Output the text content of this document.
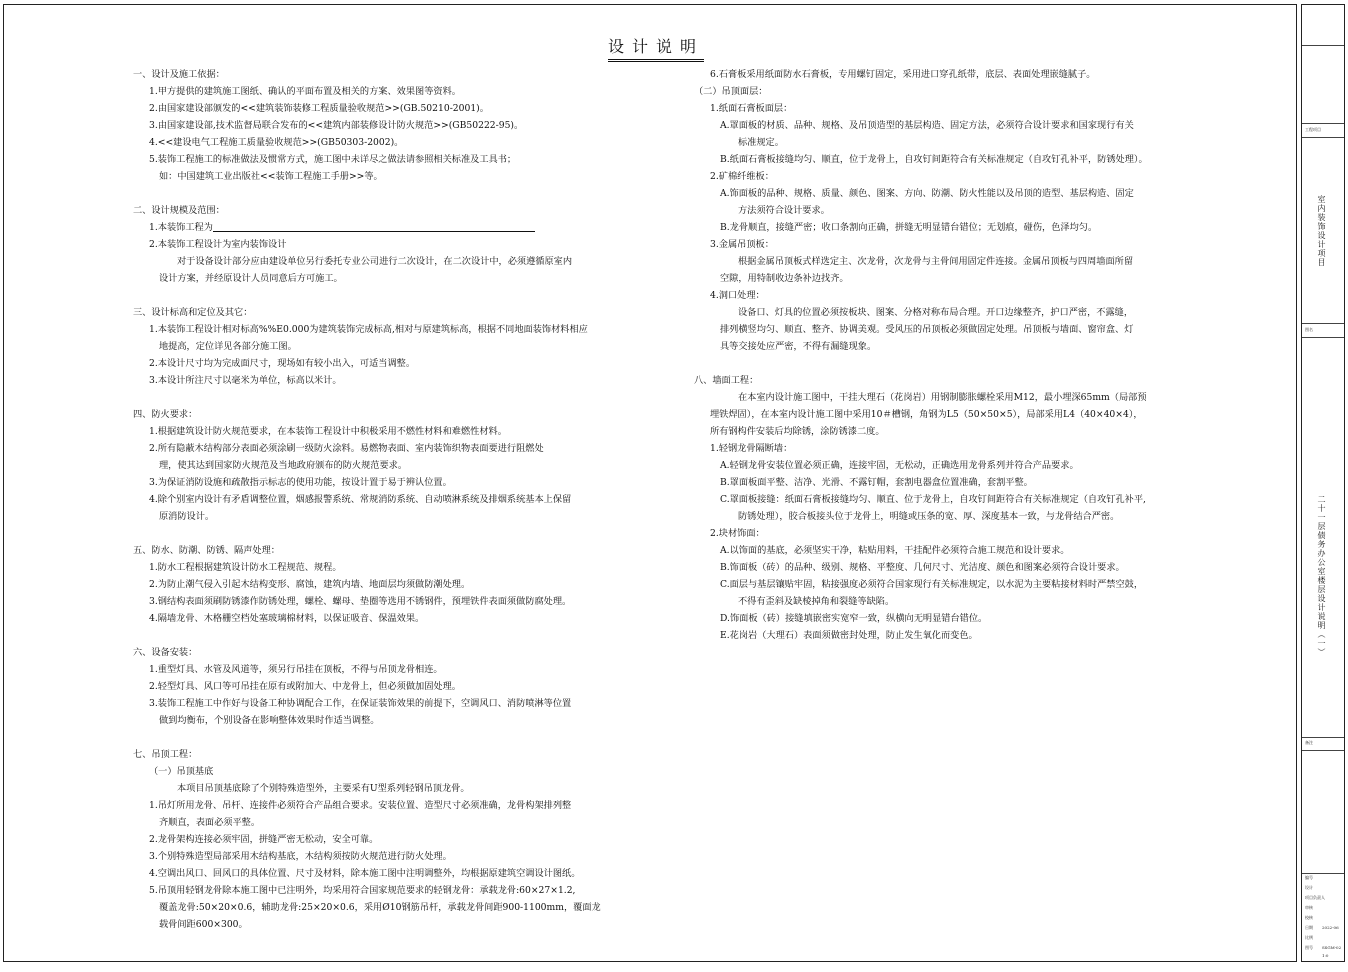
设计说明

一、设计及施工依据：

1.甲方提供的建筑施工图纸、确认的平面布置及相关的方案、效果图等资料。

2.由国家建设部颁发的<<建筑装饰装修工程质量验收规范>>(GB.50210-2001)。

3.由国家建设部,技术监督局联合发布的<<建筑内部装修设计防火规范>>(GB50222-95)。

4.<<建设电气工程施工质量验收规范>>(GB50303-2002)。

5.装饰工程施工的标准做法及惯常方式，施工图中未详尽之做法请参照相关标准及工具书；

如：中国建筑工业出版社<<装饰工程施工手册>>等。

二、设计规模及范围：

1.本装饰工程为

2.本装饰工程设计为室内装饰设计

对于设备设计部分应由建设单位另行委托专业公司进行二次设计，在二次设计中，必须遵循原室内

设计方案，并经原设计人员同意后方可施工。

三、设计标高和定位及其它：

1.本装饰工程设计相对标高%%E0.000为建筑装饰完成标高,相对与原建筑标高，根据不同地面装饰材料相应

地提高，定位详见各部分施工图。

2.本设计尺寸均为完成面尺寸，现场如有较小出入，可适当调整。

3.本设计所注尺寸以毫米为单位，标高以米计。

四、防火要求：

1.根据建筑设计防火规范要求，在本装饰工程设计中积极采用不燃性材料和难燃性材料。

2.所有隐蔽木结构部分表面必须涂刷一级防火涂料。易燃物表面、室内装饰织物表面要进行阻燃处

理，使其达到国家防火规范及当地政府颁布的防火规范要求。

3.为保证消防设施和疏散指示标志的使用功能，按设计置于易于辨认位置。

4.除个别室内设计有矛盾调整位置，烟感报警系统、常规消防系统、自动喷淋系统及排烟系统基本上保留

原消防设计。

五、防水、防潮、防锈、隔声处理：

1.防水工程根据建筑设计防水工程规范、规程。

2.为防止潮气侵入引起木结构变形、腐蚀，建筑内墙、地面层均须做防潮处理。

3.钢结构表面须刷防锈漆作防锈处理，螺栓、螺母、垫圈等选用不锈钢件，预埋铁件表面须做防腐处理。

4.隔墙龙骨、木格栅空档处塞玻璃棉材料，以保证吸音、保温效果。

六、设备安装：

1.重型灯具、水管及风道等，须另行吊挂在顶板，不得与吊顶龙骨相连。

2.轻型灯具、风口等可吊挂在原有或附加大、中龙骨上，但必须做加固处理。

3.装饰工程施工中作好与设备工种协调配合工作，在保证装饰效果的前提下，空调风口、消防喷淋等位置

做到均衡布，个别设备在影响整体效果时作适当调整。

七、吊顶工程：

（一）吊顶基底

本项目吊顶基底除了个别特殊造型外，主要采有U型系列轻钢吊顶龙骨。

1.吊灯所用龙骨、吊杆、连接件必须符合产品组合要求。安装位置、造型尺寸必须准确，龙骨构架排列整

齐顺直，表面必须平整。

2.龙骨架构连接必须牢固，拼缝严密无松动，安全可靠。

3.个别特殊造型局部采用木结构基底，木结构须按防火规范进行防火处理。

4.空调出风口、回风口的具体位置、尺寸及材料，除本施工图中注明调整外，均根据原建筑空调设计图纸。

5.吊顶用轻钢龙骨除本施工图中已注明外，均采用符合国家规范要求的轻钢龙骨：承载龙骨:60×27×1.2,

覆盖龙骨:50×20×0.6，辅助龙骨:25×20×0.6，采用Ø10钢筋吊杆，承载龙骨间距900-1100mm，覆面龙

载骨间距600×300。

6.石膏板采用纸面防水石膏板，专用螺钉固定，采用进口穿孔纸带，底层、表面处理嵌缝腻子。

（二）吊顶面层：

1.纸面石膏板面层：

A.罩面板的材质、品种、规格、及吊顶造型的基层构造、固定方法，必须符合设计要求和国家现行有关

标准规定。

B.纸面石膏板接缝均匀、顺直，位于龙骨上，自攻钉间距符合有关标准规定（自攻钉孔补平，防锈处理）。

2.矿棉纤维板：

A.饰面板的品种、规格、质量、颜色、图案、方向、防潮、防火性能以及吊顶的造型、基层构造、固定

方法须符合设计要求。

B.龙骨顺直，接缝严密；收口条割向正确，拼缝无明显错台错位；无划痕，碰伤，色泽均匀。

3.金属吊顶板：

根据金属吊顶板式样选定主、次龙骨，次龙骨与主骨间用固定件连接。金属吊顶板与四周墙面所留

空隙，用特制收边条补边找齐。

4.洞口处理：

设备口、灯具的位置必须按板块、图案、分格对称布局合理。开口边缘整齐，护口严密，不露缝，

排列横竖均匀、顺直、整齐、协调美观。受风压的吊顶板必须做固定处理。吊顶板与墙面、窗帘盒、灯

具等交接处应严密，不得有漏缝现象。

八、墙面工程：

在本室内设计施工图中，干挂大理石（花岗岩）用钢制膨胀螺栓采用M12，最小埋深65mm（局部预

埋铁焊固），在本室内设计施工图中采用10＃槽钢，角钢为L5（50×50×5），局部采用L4（40×40×4），

所有钢构件安装后均除锈，涂防锈漆二度。

1.轻钢龙骨隔断墙：

A.轻钢龙骨安装位置必须正确，连接牢固，无松动，正确选用龙骨系列并符合产品要求。

B.罩面板面平整、洁净、光滑、不露钉帽，套割电器盒位置准确，套割平整。

C.罩面板接缝：纸面石膏板接缝均匀、顺直、位于龙骨上，自攻钉间距符合有关标准规定（自攻钉孔补平,

防锈处理），胶合板接头位于龙骨上，明缝或压条的宽、厚、深度基本一致，与龙骨结合严密。

2.块材饰面：

A.以饰面的基底，必须坚实干净，粘贴用料，干挂配件必须符合施工规范和设计要求。

B.饰面板（砖）的品种、级别、规格、平整度、几何尺寸、光洁度、颜色和图案必须符合设计要求。

C.面层与基层镶贴牢固，粘接强度必须符合国家现行有关标准规定，以水泥为主要粘接材料时严禁空鼓，

不得有歪斜及缺棱掉角和裂缝等缺陷。

D.饰面板（砖）接缝填嵌密实宽窄一致，纵横向无明显错台错位。

E.花岗岩（大理石）表面须做密封处理，防止发生氧化而变色。

工程项目
室内装饰设计项目
图名
二十一层债务办公室楼层设计说明（一）
备注
编号
设计
项目负责人
审核
校核
日期 2022-06
比例
图号 SSGM-02
1:0
